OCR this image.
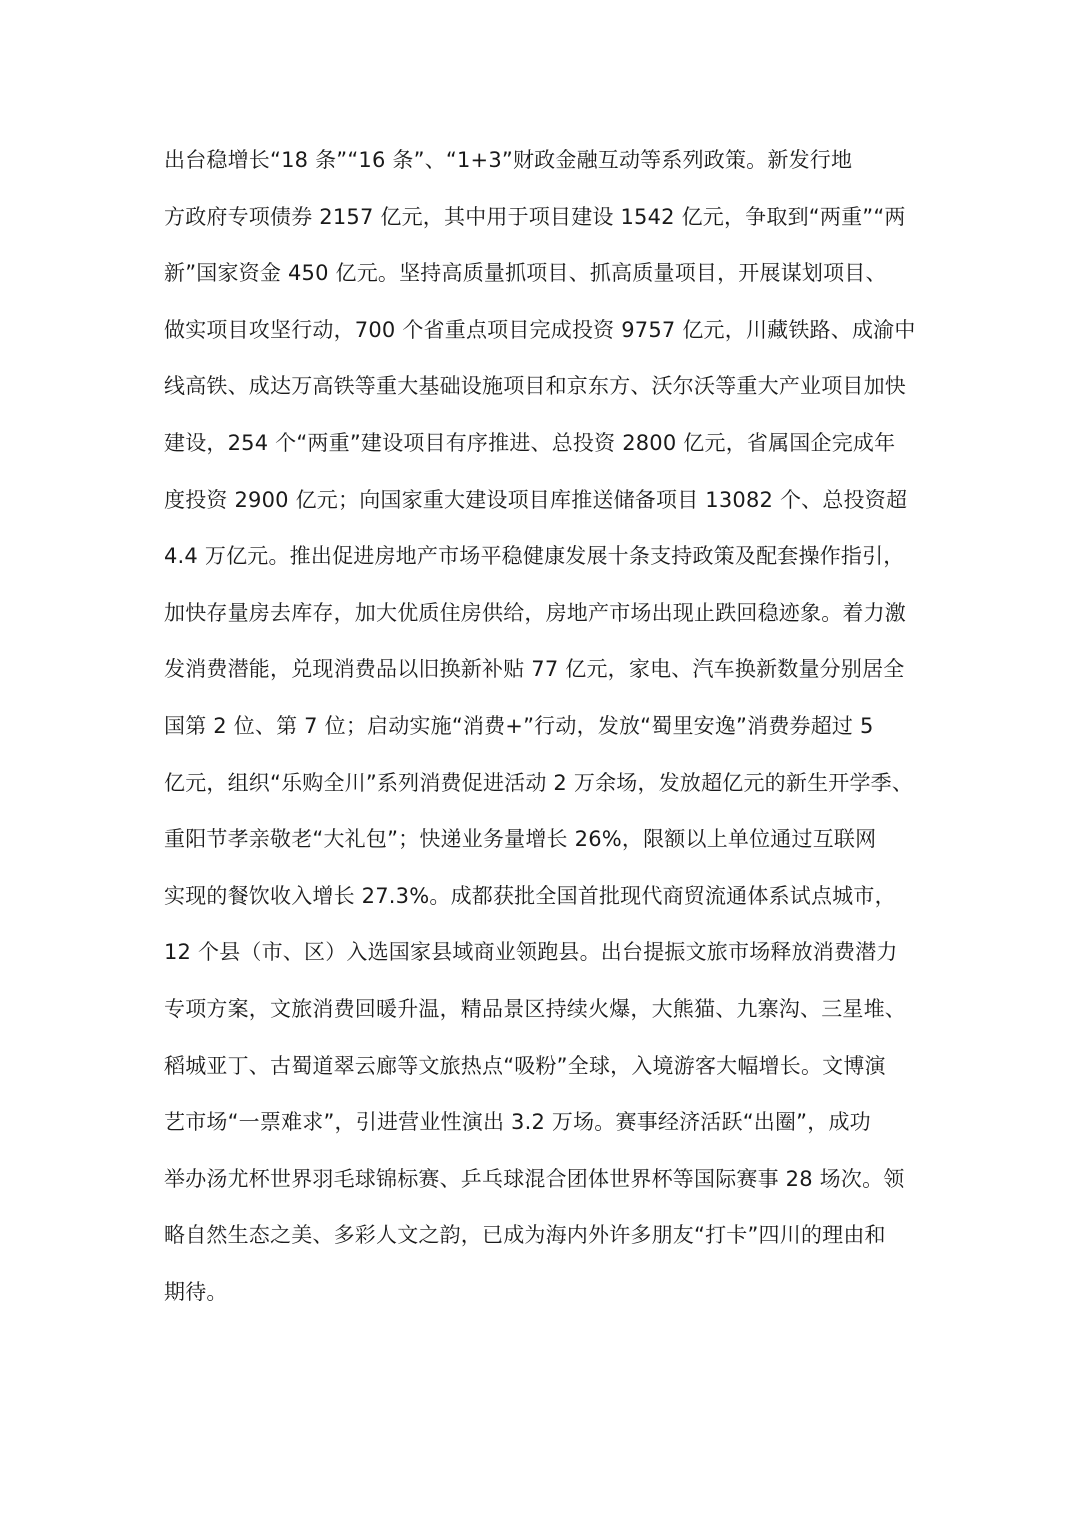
出台稳增长“18 条”“16 条”、“1+3”财政金融互动等系列政策。新发行地
方政府专项债券 2157 亿元，其中用于项目建设 1542 亿元，争取到“两重”“两
新”国家资金 450 亿元。坚持高质量抓项目、抓高质量项目，开展谋划项目、
做实项目攻坚行动，700 个省重点项目完成投资 9757 亿元，川藏铁路、成渝中
线高铁、成达万高铁等重大基础设施项目和京东方、沃尔沃等重大产业项目加快
建设，254 个“两重”建设项目有序推进、总投资 2800 亿元，省属国企完成年
度投资 2900 亿元；向国家重大建设项目库推送储备项目 13082 个、总投资超
4.4 万亿元。推出促进房地产市场平稳健康发展十条支持政策及配套操作指引，
加快存量房去库存，加大优质住房供给，房地产市场出现止跌回稳迹象。着力激
发消费潜能，兑现消费品以旧换新补贴 77 亿元，家电、汽车换新数量分别居全
国第 2 位、第 7 位；启动实施“消费+”行动，发放“蜀里安逸”消费券超过 5
亿元，组织“乐购全川”系列消费促进活动 2 万余场，发放超亿元的新生开学季、
重阳节孝亲敬老“大礼包”；快递业务量增长 26%，限额以上单位通过互联网
实现的餐饮收入增长 27.3%。成都获批全国首批现代商贸流通体系试点城市，
12 个县（市、区）入选国家县域商业领跑县。出台提振文旅市场释放消费潜力
专项方案，文旅消费回暖升温，精品景区持续火爆，大熊猫、九寨沟、三星堆、
稻城亚丁、古蜀道翠云廊等文旅热点“吸粉”全球，入境游客大幅增长。文博演
艺市场“一票难求”，引进营业性演出 3.2 万场。赛事经济活跃“出圈”，成功
举办汤尤杯世界羽毛球锦标赛、乒乓球混合团体世界杯等国际赛事 28 场次。领
略自然生态之美、多彩人文之韵，已成为海内外许多朋友“打卡”四川的理由和
期待。
